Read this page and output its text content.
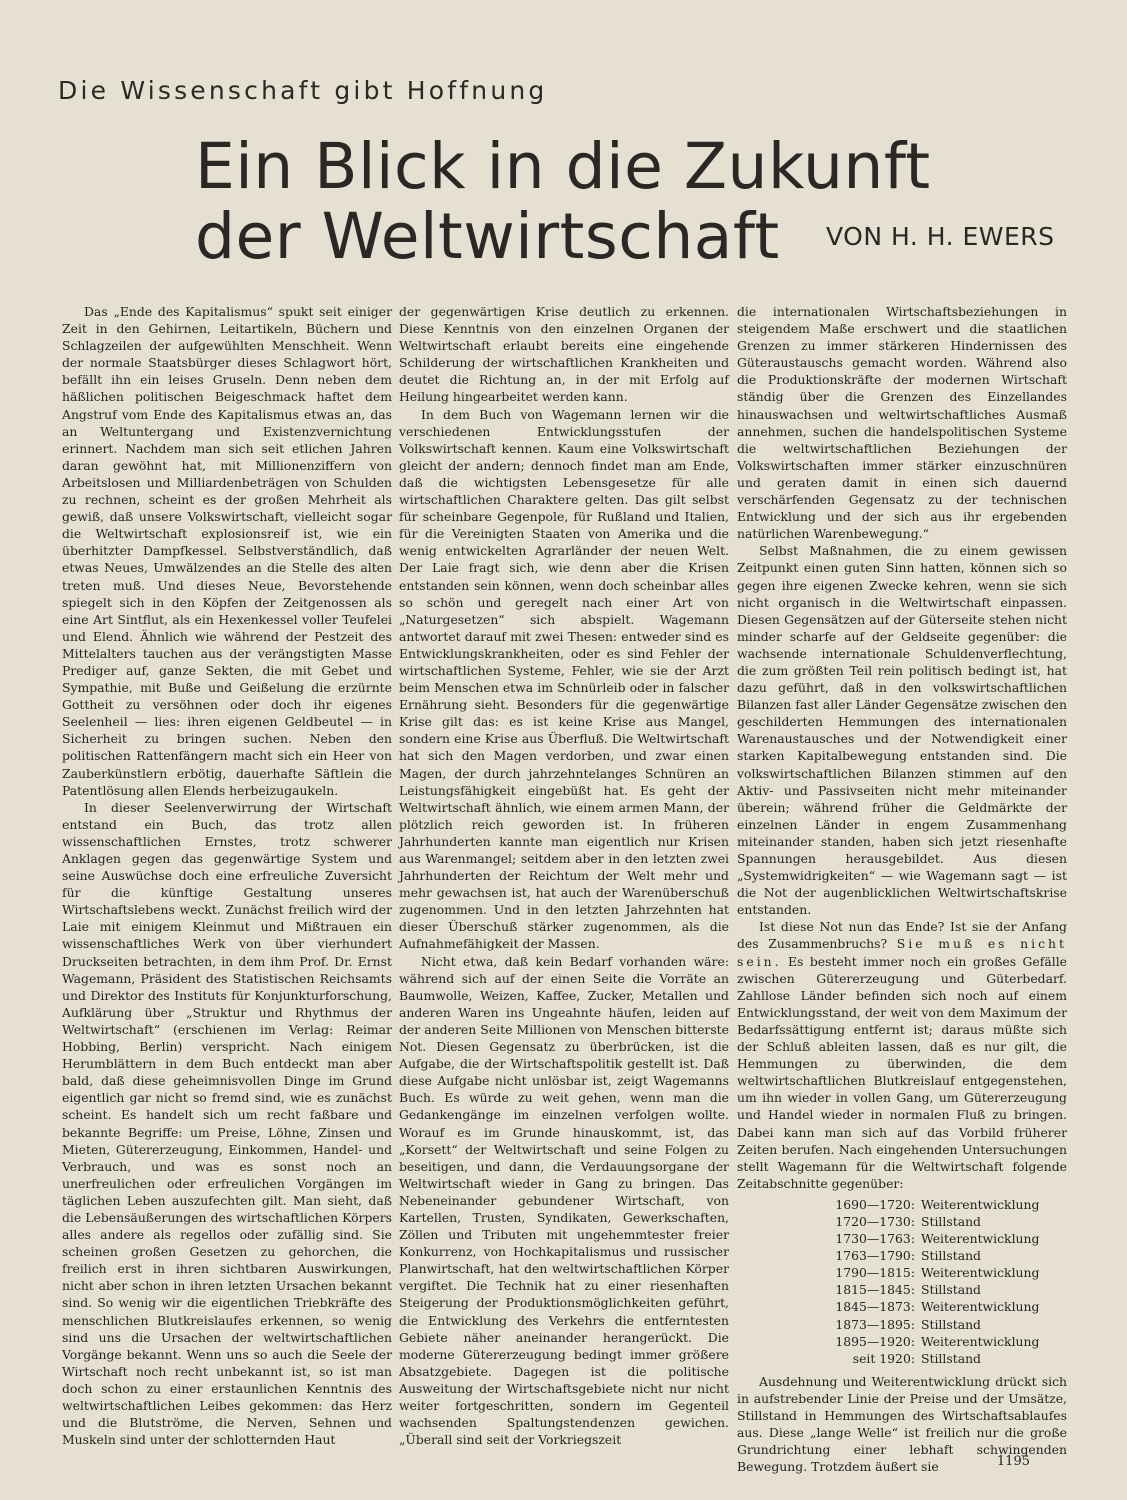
Die Wissenschaft gibt Hoffnung
Ein Blick in die Zukunft
der Weltwirtschaft	VON H. H. EWERS

Das „Ende des Kapitalismus“ spukt seit einiger Zeit in den Gehirnen, Leitartikeln, Büchern und Schlagzeilen der aufgewühlten Menschheit. Wenn der normale Staatsbürger dieses Schlagwort hört, befällt ihn ein leises Gruseln. Denn neben dem häßlichen politischen Beigeschmack haftet dem Angstruf vom Ende des Kapitalismus etwas an, das an Weltuntergang und Existenzvernichtung erinnert. Nachdem man sich seit etlichen Jahren daran gewöhnt hat, mit Millionenziffern von Arbeitslosen und Milliardenbeträgen von Schulden zu rechnen, scheint es der großen Mehrheit als gewiß, daß unsere Volkswirtschaft, vielleicht sogar die Weltwirtschaft explosionsreif ist, wie ein überhitzter Dampfkessel. Selbstverständlich, daß etwas Neues, Umwälzendes an die Stelle des alten treten muß. Und dieses Neue, Bevorstehende spiegelt sich in den Köpfen der Zeitgenossen als eine Art Sintflut, als ein Hexenkessel voller Teufelei und Elend. Ähnlich wie während der Pestzeit des Mittelalters tauchen aus der verängstigten Masse Prediger auf, ganze Sekten, die mit Gebet und Sympathie, mit Buße und Geißelung die erzürnte Gottheit zu versöhnen oder doch ihr eigenes Seelenheil — lies: ihren eigenen Geldbeutel — in Sicherheit zu bringen suchen. Neben den politischen Rattenfängern macht sich ein Heer von Zauberkünstlern erbötig, dauerhafte Säftlein die Patentlösung allen Elends herbeizugaukeln.

In dieser Seelenverwirrung der Wirtschaft entstand ein Buch, das trotz allen wissenschaftlichen Ernstes, trotz schwerer Anklagen gegen das gegenwärtige System und seine Auswüchse doch eine erfreuliche Zuversicht für die künftige Gestaltung unseres Wirtschaftslebens weckt. Zunächst freilich wird der Laie mit einigem Kleinmut und Mißtrauen ein wissenschaftliches Werk von über vierhundert Druckseiten betrachten, in dem ihm Prof. Dr. Ernst Wagemann, Präsident des Statistischen Reichsamts und Direktor des Instituts für Konjunkturforschung, Aufklärung über „Struktur und Rhythmus der Weltwirtschaft“ (erschienen im Verlag: Reimar Hobbing, Berlin) verspricht. Nach einigem Herumblättern in dem Buch entdeckt man aber bald, daß diese geheimnisvollen Dinge im Grund eigentlich gar nicht so fremd sind, wie es zunächst scheint. Es handelt sich um recht faßbare und bekannte Begriffe: um Preise, Löhne, Zinsen und Mieten, Gütererzeugung, Einkommen, Handel- und Verbrauch, und was es sonst noch an unerfreulichen oder erfreulichen Vorgängen im täglichen Leben auszufechten gilt. Man sieht, daß die Lebensäußerungen des wirtschaftlichen Körpers alles andere als regellos oder zufällig sind. Sie scheinen großen Gesetzen zu gehorchen, die freilich erst in ihren sichtbaren Auswirkungen, nicht aber schon in ihren letzten Ursachen bekannt sind. So wenig wir die eigentlichen Triebkräfte des menschlichen Blutkreislaufes erkennen, so wenig sind uns die Ursachen der weltwirtschaftlichen Vorgänge bekannt. Wenn uns so auch die Seele der Wirtschaft noch recht unbekannt ist, so ist man doch schon zu einer erstaunlichen Kenntnis des weltwirtschaftlichen Leibes gekommen: das Herz und die Blutströme, die Nerven, Sehnen und Muskeln sind unter der schlotternden Haut

der gegenwärtigen Krise deutlich zu erkennen. Diese Kenntnis von den einzelnen Organen der Weltwirtschaft erlaubt bereits eine eingehende Schilderung der wirtschaftlichen Krankheiten und deutet die Richtung an, in der mit Erfolg auf Heilung hingearbeitet werden kann.

In dem Buch von Wagemann lernen wir die verschiedenen Entwicklungsstufen der Volkswirtschaft kennen. Kaum eine Volkswirtschaft gleicht der andern; dennoch findet man am Ende, daß die wichtigsten Lebensgesetze für alle wirtschaftlichen Charaktere gelten. Das gilt selbst für scheinbare Gegenpole, für Rußland und Italien, für die Vereinigten Staaten von Amerika und die wenig entwickelten Agrarländer der neuen Welt. Der Laie fragt sich, wie denn aber die Krisen entstanden sein können, wenn doch scheinbar alles so schön und geregelt nach einer Art von „Naturgesetzen“ sich abspielt. Wagemann antwortet darauf mit zwei Thesen: entweder sind es Entwicklungskrankheiten, oder es sind Fehler der wirtschaftlichen Systeme, Fehler, wie sie der Arzt beim Menschen etwa im Schnürleib oder in falscher Ernährung sieht. Besonders für die gegenwärtige Krise gilt das: es ist keine Krise aus Mangel, sondern eine Krise aus Überfluß. Die Weltwirtschaft hat sich den Magen verdorben, und zwar einen Magen, der durch jahrzehntelanges Schnüren an Leistungsfähigkeit eingebüßt hat. Es geht der Weltwirtschaft ähnlich, wie einem armen Mann, der plötzlich reich geworden ist. In früheren Jahrhunderten kannte man eigentlich nur Krisen aus Warenmangel; seitdem aber in den letzten zwei Jahrhunderten der Reichtum der Welt mehr und mehr gewachsen ist, hat auch der Warenüberschuß zugenommen. Und in den letzten Jahrzehnten hat dieser Überschuß stärker zugenommen, als die Aufnahmefähigkeit der Massen.

Nicht etwa, daß kein Bedarf vorhanden wäre: während sich auf der einen Seite die Vorräte an Baumwolle, Weizen, Kaffee, Zucker, Metallen und anderen Waren ins Ungeahnte häufen, leiden auf der anderen Seite Millionen von Menschen bitterste Not. Diesen Gegensatz zu überbrücken, ist die Aufgabe, die der Wirtschaftspolitik gestellt ist. Daß diese Aufgabe nicht unlösbar ist, zeigt Wagemanns Buch. Es würde zu weit gehen, wenn man die Gedankengänge im einzelnen verfolgen wollte. Worauf es im Grunde hinauskommt, ist, das „Korsett“ der Weltwirtschaft und seine Folgen zu beseitigen, und dann, die Verdauungsorgane der Weltwirtschaft wieder in Gang zu bringen. Das Nebeneinander gebundener Wirtschaft, von Kartellen, Trusten, Syndikaten, Gewerkschaften, Zöllen und Tributen mit ungehemmtester freier Konkurrenz, von Hochkapitalismus und russischer Planwirtschaft, hat den weltwirtschaftlichen Körper vergiftet. Die Technik hat zu einer riesenhaften Steigerung der Produktionsmöglichkeiten geführt, die Entwicklung des Verkehrs die entferntesten Gebiete näher aneinander herangerückt. Die moderne Gütererzeugung bedingt immer größere Absatzgebiete. Dagegen ist die politische Ausweitung der Wirtschaftsgebiete nicht nur nicht weiter fortgeschritten, sondern im Gegenteil wachsenden Spaltungstendenzen gewichen. „Überall sind seit der Vorkriegszeit

die internationalen Wirtschaftsbeziehungen in steigendem Maße erschwert und die staatlichen Grenzen zu immer stärkeren Hindernissen des Güteraustauschs gemacht worden. Während also die Produktionskräfte der modernen Wirtschaft ständig über die Grenzen des Einzellandes hinauswachsen und weltwirtschaftliches Ausmaß annehmen, suchen die handelspolitischen Systeme die weltwirtschaftlichen Beziehungen der Volkswirtschaften immer stärker einzuschnüren und geraten damit in einen sich dauernd verschärfenden Gegensatz zu der technischen Entwicklung und der sich aus ihr ergebenden natürlichen Warenbewegung.“

Selbst Maßnahmen, die zu einem gewissen Zeitpunkt einen guten Sinn hatten, können sich so gegen ihre eigenen Zwecke kehren, wenn sie sich nicht organisch in die Weltwirtschaft einpassen. Diesen Gegensätzen auf der Güterseite stehen nicht minder scharfe auf der Geldseite gegenüber: die wachsende internationale Schuldenverflechtung, die zum größten Teil rein politisch bedingt ist, hat dazu geführt, daß in den volkswirtschaftlichen Bilanzen fast aller Länder Gegensätze zwischen den geschilderten Hemmungen des internationalen Warenaustausches und der Notwendigkeit einer starken Kapitalbewegung entstanden sind. Die volkswirtschaftlichen Bilanzen stimmen auf den Aktiv- und Passivseiten nicht mehr miteinander überein; während früher die Geldmärkte der einzelnen Länder in engem Zusammenhang miteinander standen, haben sich jetzt riesenhafte Spannungen herausgebildet. Aus diesen „Systemwidrigkeiten“ — wie Wagemann sagt — ist die Not der augenblicklichen Weltwirtschaftskrise entstanden.

Ist diese Not nun das Ende? Ist sie der Anfang des Zusammenbruchs? Sie muß es nicht sein. Es besteht immer noch ein großes Gefälle zwischen Gütererzeugung und Güterbedarf. Zahllose Länder befinden sich noch auf einem Entwicklungsstand, der weit von dem Maximum der Bedarfssättigung entfernt ist; daraus müßte sich der Schluß ableiten lassen, daß es nur gilt, die Hemmungen zu überwinden, die dem weltwirtschaftlichen Blutkreislauf entgegenstehen, um ihn wieder in vollen Gang, um Gütererzeugung und Handel wieder in normalen Fluß zu bringen. Dabei kann man sich auf das Vorbild früherer Zeiten berufen. Nach eingehenden Untersuchungen stellt Wagemann für die Weltwirtschaft folgende Zeitabschnitte gegenüber:

1690—1720: Weiterentwicklung
1720—1730: Stillstand
1730—1763: Weiterentwicklung
1763—1790: Stillstand
1790—1815: Weiterentwicklung
1815—1845: Stillstand
1845—1873: Weiterentwicklung
1873—1895: Stillstand
1895—1920: Weiterentwicklung
seit 1920: Stillstand

Ausdehnung und Weiterentwicklung drückt sich in aufstrebender Linie der Preise und der Umsätze, Stillstand in Hemmungen des Wirtschaftsablaufes aus. Diese „lange Welle“ ist freilich nur die große Grundrichtung einer lebhaft schwingenden Bewegung. Trotzdem äußert sie	1195
